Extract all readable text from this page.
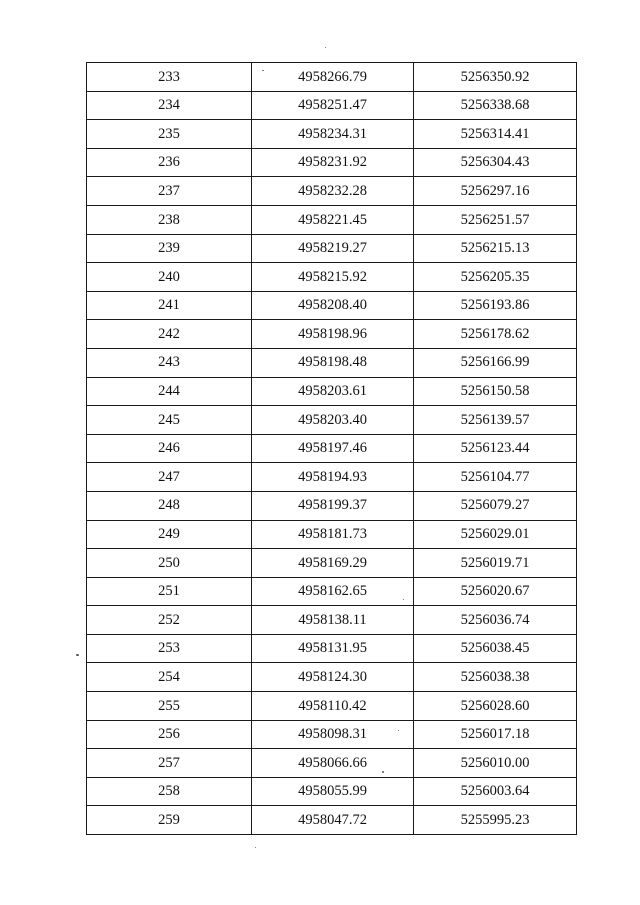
233	4958266.79	5256350.92
234	4958251.47	5256338.68
235	4958234.31	5256314.41
236	4958231.92	5256304.43
237	4958232.28	5256297.16
238	4958221.45	5256251.57
239	4958219.27	5256215.13
240	4958215.92	5256205.35
241	4958208.40	5256193.86
242	4958198.96	5256178.62
243	4958198.48	5256166.99
244	4958203.61	5256150.58
245	4958203.40	5256139.57
246	4958197.46	5256123.44
247	4958194.93	5256104.77
248	4958199.37	5256079.27
249	4958181.73	5256029.01
250	4958169.29	5256019.71
251	4958162.65	5256020.67
252	4958138.11	5256036.74
253	4958131.95	5256038.45
254	4958124.30	5256038.38
255	4958110.42	5256028.60
256	4958098.31	5256017.18
257	4958066.66	5256010.00
258	4958055.99	5256003.64
259	4958047.72	5255995.23
